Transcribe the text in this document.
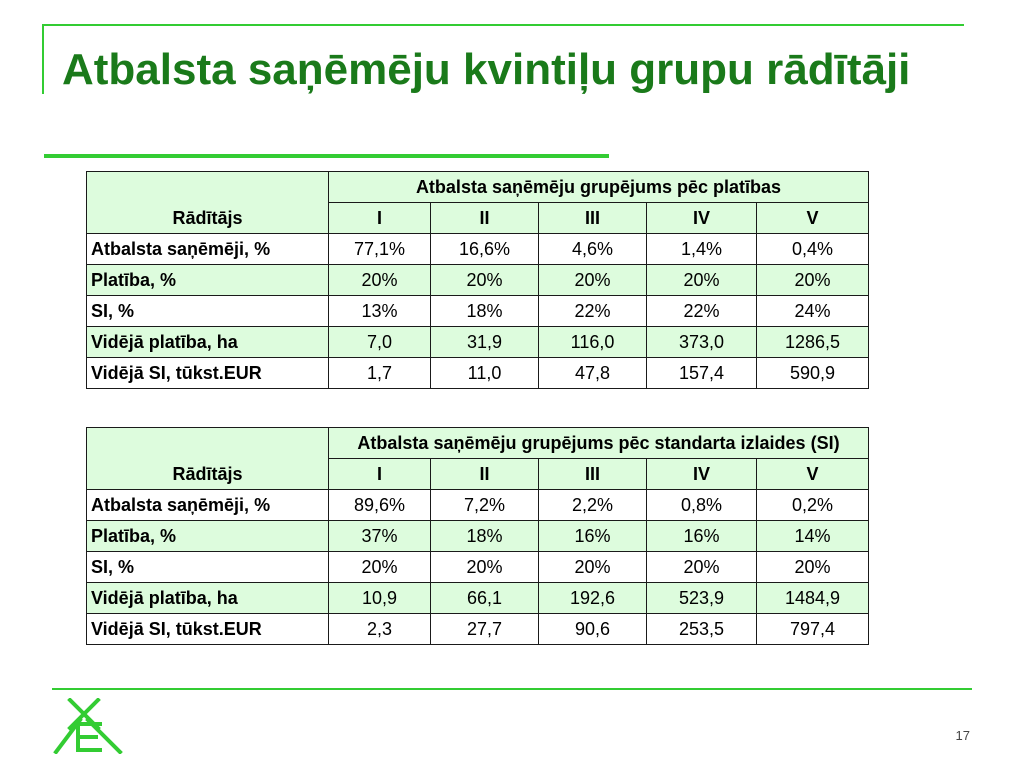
Atbalsta saņēmēju kvintiļu grupu rādītāji
Rādītājs	Atbalsta saņēmēju grupējums pēc platības				
	I	II	III	IV	V
Atbalsta saņēmēji, %	77,1%	16,6%	4,6%	1,4%	0,4%
Platība, %	20%	20%	20%	20%	20%
SI, %	13%	18%	22%	22%	24%
Vidējā platība, ha	7,0	31,9	116,0	373,0	1286,5
Vidējā SI, tūkst.EUR	1,7	11,0	47,8	157,4	590,9
Rādītājs	Atbalsta saņēmēju grupējums pēc standarta izlaides (SI)				
	I	II	III	IV	V
Atbalsta saņēmēji, %	89,6%	7,2%	2,2%	0,8%	0,2%
Platība, %	37%	18%	16%	16%	14%
SI, %	20%	20%	20%	20%	20%
Vidējā platība, ha	10,9	66,1	192,6	523,9	1484,9
Vidējā SI, tūkst.EUR	2,3	27,7	90,6	253,5	797,4
17
